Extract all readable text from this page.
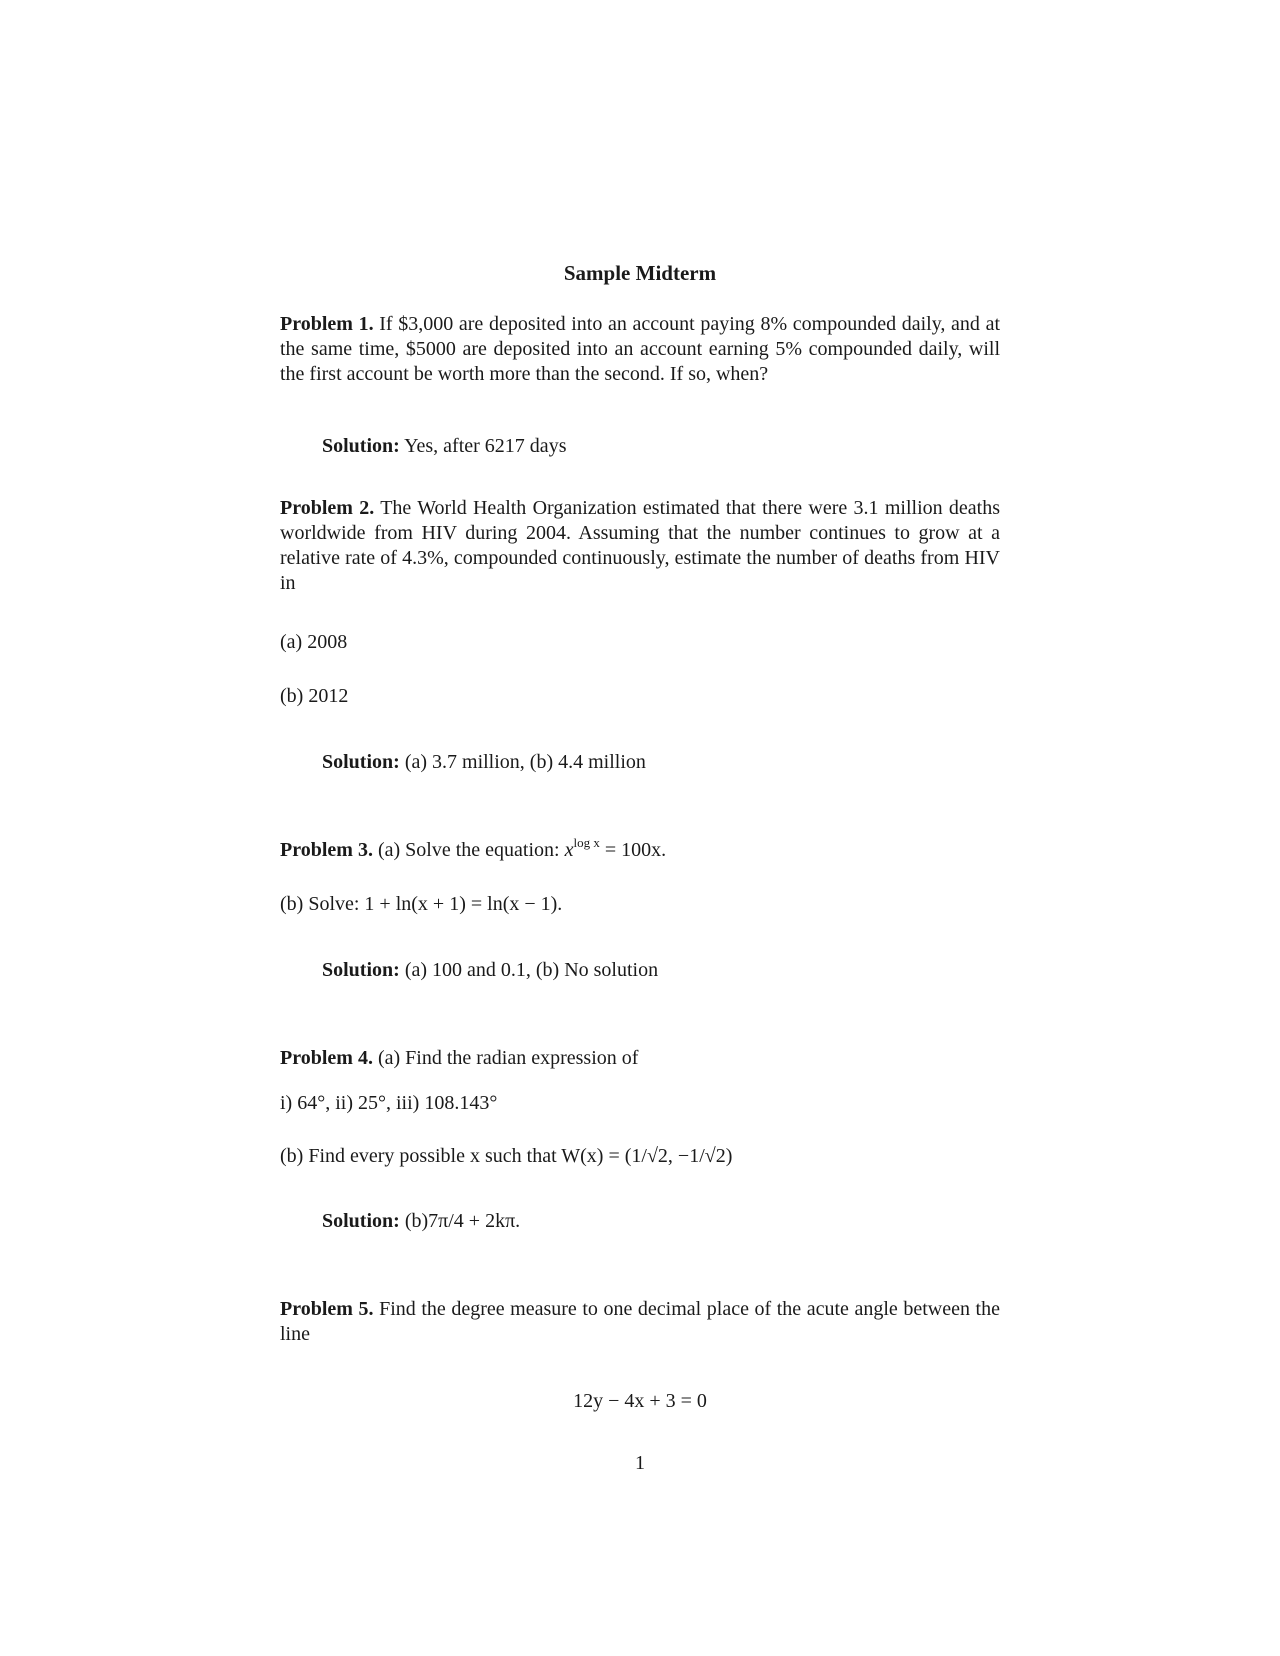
Sample Midterm
Problem 1. If $3,000 are deposited into an account paying 8% compounded daily, and at the same time, $5000 are deposited into an account earning 5% compounded daily, will the first account be worth more than the second. If so, when?
Solution: Yes, after 6217 days
Problem 2. The World Health Organization estimated that there were 3.1 million deaths worldwide from HIV during 2004. Assuming that the number continues to grow at a relative rate of 4.3%, compounded continuously, estimate the number of deaths from HIV in
(a) 2008
(b) 2012
Solution: (a) 3.7 million, (b) 4.4 million
Problem 3. (a) Solve the equation: $x^{log x} = 100x$.
(b) Solve: 1 + ln(x + 1) = ln(x − 1).
Solution: (a) 100 and 0.1, (b) No solution
Problem 4. (a) Find the radian expression of
i) 64°, ii) 25°, iii) 108.143°
(b) Find every possible x such that W(x) = (1/√2, −1/√2)
Solution: (b)7π/4 + 2kπ.
Problem 5. Find the degree measure to one decimal place of the acute angle between the line
12y − 4x + 3 = 0
1
